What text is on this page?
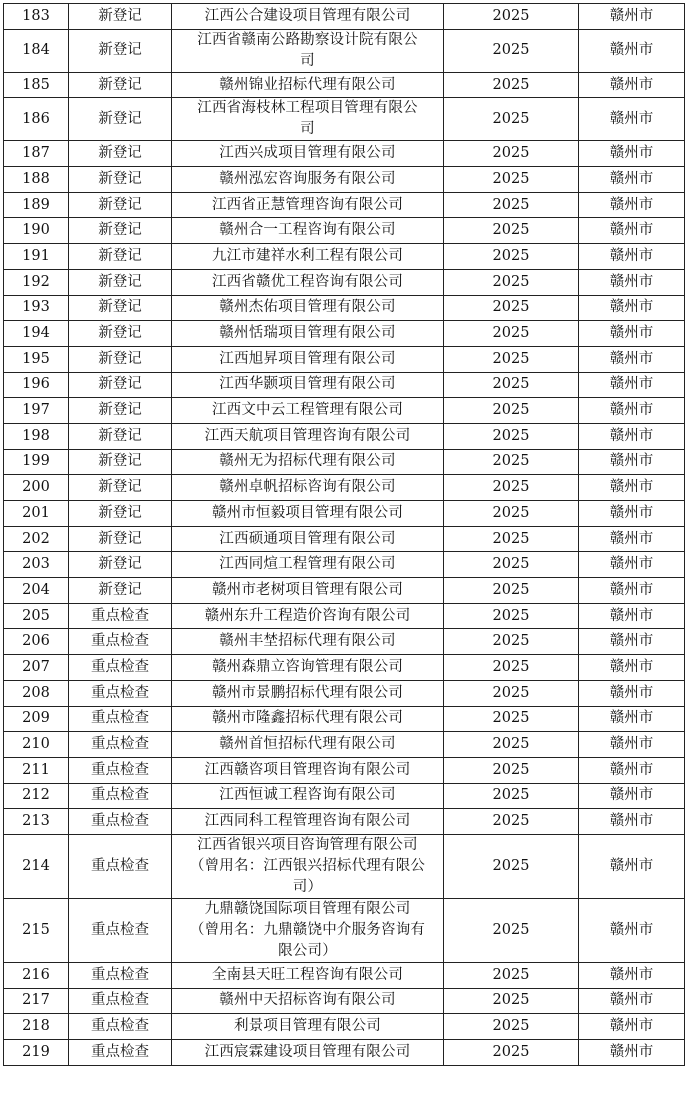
183	新登记	江西公合建设项目管理有限公司	2025	赣州市
184	新登记	江西省赣南公路勘察设计院有限公
司	2025	赣州市
185	新登记	赣州锦业招标代理有限公司	2025	赣州市
186	新登记	江西省海枝林工程项目管理有限公
司	2025	赣州市
187	新登记	江西兴成项目管理有限公司	2025	赣州市
188	新登记	赣州泓宏咨询服务有限公司	2025	赣州市
189	新登记	江西省正慧管理咨询有限公司	2025	赣州市
190	新登记	赣州合一工程咨询有限公司	2025	赣州市
191	新登记	九江市建祥水利工程有限公司	2025	赣州市
192	新登记	江西省赣优工程咨询有限公司	2025	赣州市
193	新登记	赣州杰佑项目管理有限公司	2025	赣州市
194	新登记	赣州恬瑞项目管理有限公司	2025	赣州市
195	新登记	江西旭昇项目管理有限公司	2025	赣州市
196	新登记	江西华颢项目管理有限公司	2025	赣州市
197	新登记	江西文中云工程管理有限公司	2025	赣州市
198	新登记	江西天航项目管理咨询有限公司	2025	赣州市
199	新登记	赣州无为招标代理有限公司	2025	赣州市
200	新登记	赣州卓帆招标咨询有限公司	2025	赣州市
201	新登记	赣州市恒毅项目管理有限公司	2025	赣州市
202	新登记	江西硕通项目管理有限公司	2025	赣州市
203	新登记	江西同煊工程管理有限公司	2025	赣州市
204	新登记	赣州市老树项目管理有限公司	2025	赣州市
205	重点检查	赣州东升工程造价咨询有限公司	2025	赣州市
206	重点检查	赣州丰埜招标代理有限公司	2025	赣州市
207	重点检查	赣州森鼎立咨询管理有限公司	2025	赣州市
208	重点检查	赣州市景鹏招标代理有限公司	2025	赣州市
209	重点检查	赣州市隆鑫招标代理有限公司	2025	赣州市
210	重点检查	赣州首恒招标代理有限公司	2025	赣州市
211	重点检查	江西赣咨项目管理咨询有限公司	2025	赣州市
212	重点检查	江西恒诚工程咨询有限公司	2025	赣州市
213	重点检查	江西同科工程管理咨询有限公司	2025	赣州市
214	重点检查	江西省银兴项目咨询管理有限公司
（曾用名：江西银兴招标代理有限公
司）	2025	赣州市
215	重点检查	九鼎赣饶国际项目管理有限公司
（曾用名：九鼎赣饶中介服务咨询有
限公司）	2025	赣州市
216	重点检查	全南县天旺工程咨询有限公司	2025	赣州市
217	重点检查	赣州中天招标咨询有限公司	2025	赣州市
218	重点检查	利景项目管理有限公司	2025	赣州市
219	重点检查	江西宸霖建设项目管理有限公司	2025	赣州市
